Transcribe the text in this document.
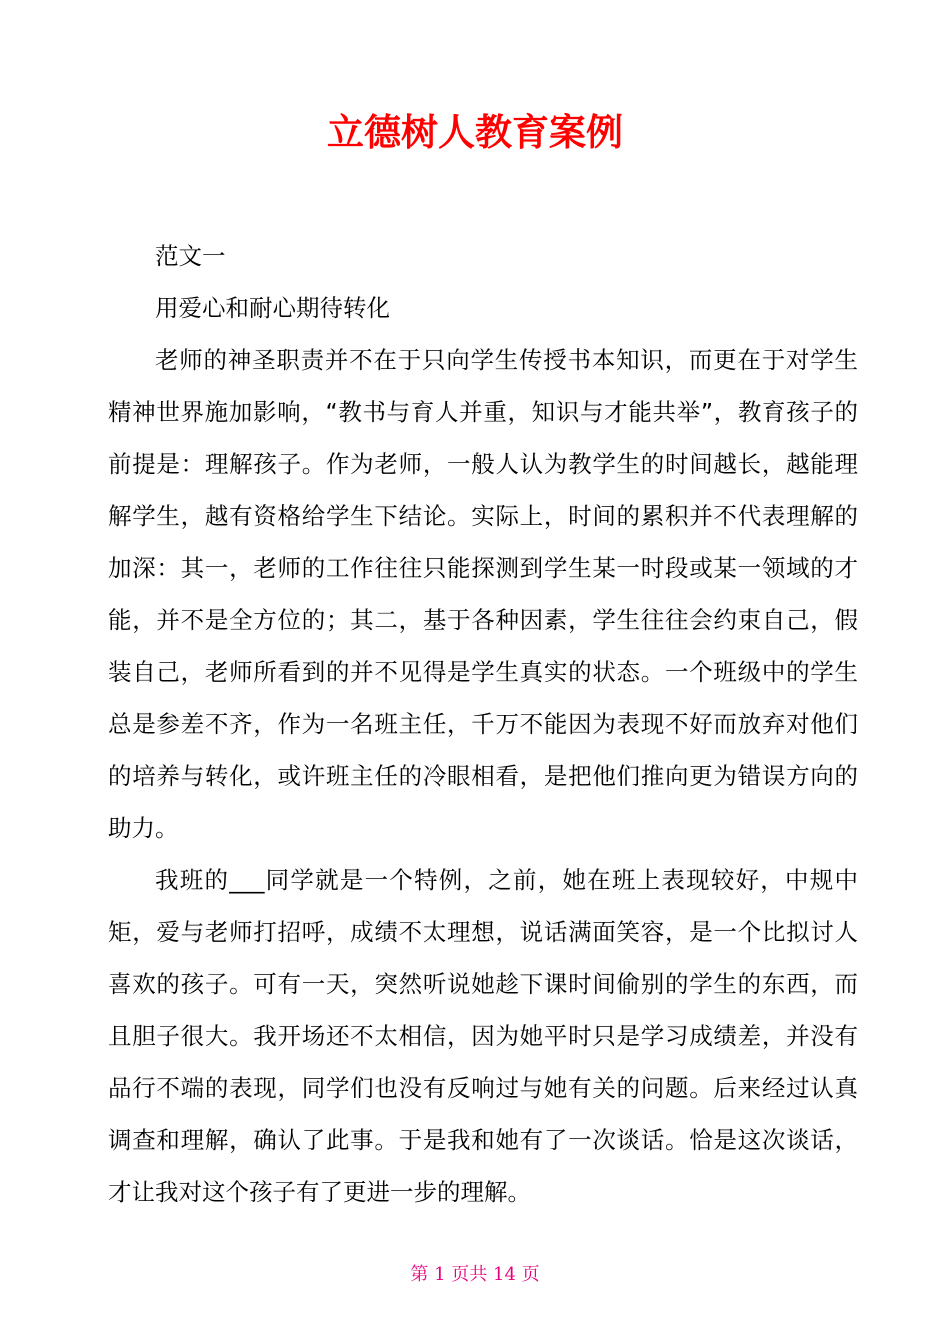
立德树人教育案例

范文一

用爱心和耐心期待转化

老师的神圣职责并不在于只向学生传授书本知识，而更在于对学生精神世界施加影响，“教书与育人并重，知识与才能共举”，教育孩子的前提是：理解孩子。作为老师，一般人认为教学生的时间越长，越能理解学生，越有资格给学生下结论。实际上，时间的累积并不代表理解的加深：其一，老师的工作往往只能探测到学生某一时段或某一领域的才能，并不是全方位的；其二，基于各种因素，学生往往会约束自己，假装自己，老师所看到的并不见得是学生真实的状态。一个班级中的学生总是参差不齐，作为一名班主任，千万不能因为表现不好而放弃对他们的培养与转化，或许班主任的冷眼相看，是把他们推向更为错误方向的助力。

我班的___同学就是一个特例，之前，她在班上表现较好，中规中矩，爱与老师打招呼，成绩不太理想，说话满面笑容，是一个比拟讨人喜欢的孩子。可有一天，突然听说她趁下课时间偷别的学生的东西，而且胆子很大。我开场还不太相信，因为她平时只是学习成绩差，并没有品行不端的表现，同学们也没有反响过与她有关的问题。后来经过认真调查和理解，确认了此事。于是我和她有了一次谈话。恰是这次谈话，才让我对这个孩子有了更进一步的理解。

第 1 页共 14 页
